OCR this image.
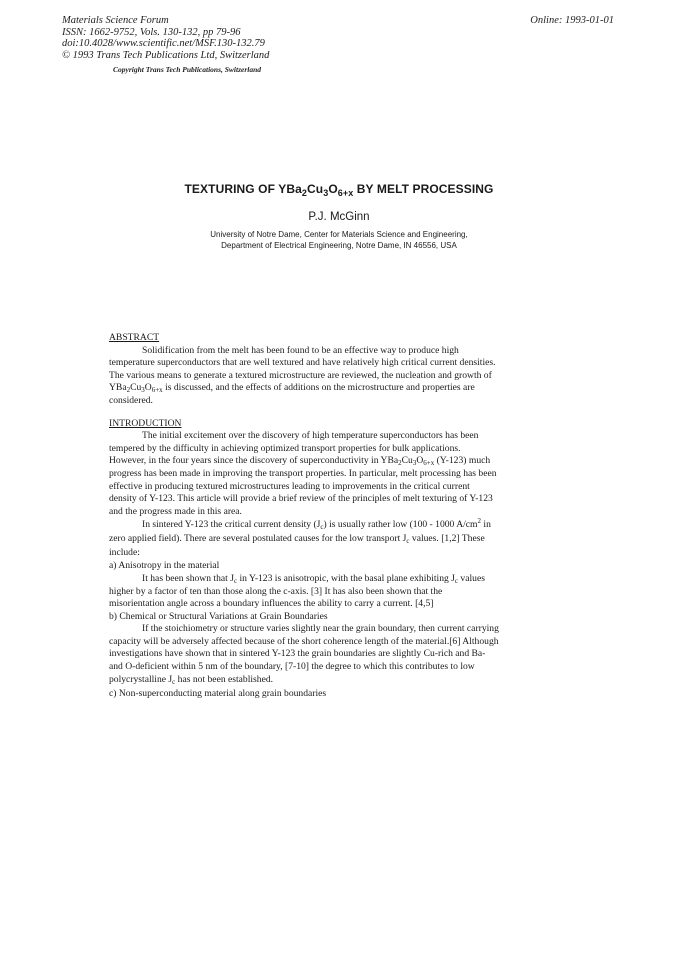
Materials Science Forum
ISSN: 1662-9752, Vols. 130-132, pp 79-96
doi:10.4028/www.scientific.net/MSF.130-132.79
© 1993 Trans Tech Publications Ltd, Switzerland
Online: 1993-01-01
Copyright Trans Tech Publications, Switzerland
TEXTURING OF $YBa_2Cu_3O_{6+x}$ BY MELT PROCESSING
P.J. McGinn
University of Notre Dame, Center for Materials Science and Engineering,
Department of Electrical Engineering, Notre Dame, IN 46556, USA

ABSTRACT

Solidification from the melt has been found to be an effective way to produce high temperature superconductors that are well textured and have relatively high critical current densities. The various means to generate a textured microstructure are reviewed, the nucleation and growth of $YBa_2Cu_3O_{6+x}$ is discussed, and the effects of additions on the microstructure and properties are considered.

INTRODUCTION

The initial excitement over the discovery of high temperature superconductors has been tempered by the difficulty in achieving optimized transport properties for bulk applications. However, in the four years since the discovery of superconductivity in $YBa_2Cu_3O_{6+x}$ (Y-123) much progress has been made in improving the transport properties. In particular, melt processing has been effective in producing textured microstructures leading to improvements in the critical current density of Y-123. This article will provide a brief review of the principles of melt texturing of Y-123 and the progress made in this area.

In sintered Y-123 the critical current density $(J_c)$ is usually rather low (100 - 1000 $A/cm^2$ in zero applied field). There are several postulated causes for the low transport $J_c$ values. [1,2] These include:

a) Anisotropy in the material

It has been shown that $J_c$ in Y-123 is anisotropic, with the basal plane exhibiting $J_c$ values higher by a factor of ten than those along the c-axis. [3] It has also been shown that the misorientation angle across a boundary influences the ability to carry a current. [4,5]

b) Chemical or Structural Variations at Grain Boundaries

If the stoichiometry or structure varies slightly near the grain boundary, then current carrying capacity will be adversely affected because of the short coherence length of the material.[6] Although investigations have shown that in sintered Y-123 the grain boundaries are slightly Cu-rich and Ba- and O-deficient within 5 nm of the boundary, [7-10] the degree to which this contributes to low polycrystalline $J_c$ has not been established.

c) Non-superconducting material along grain boundaries
